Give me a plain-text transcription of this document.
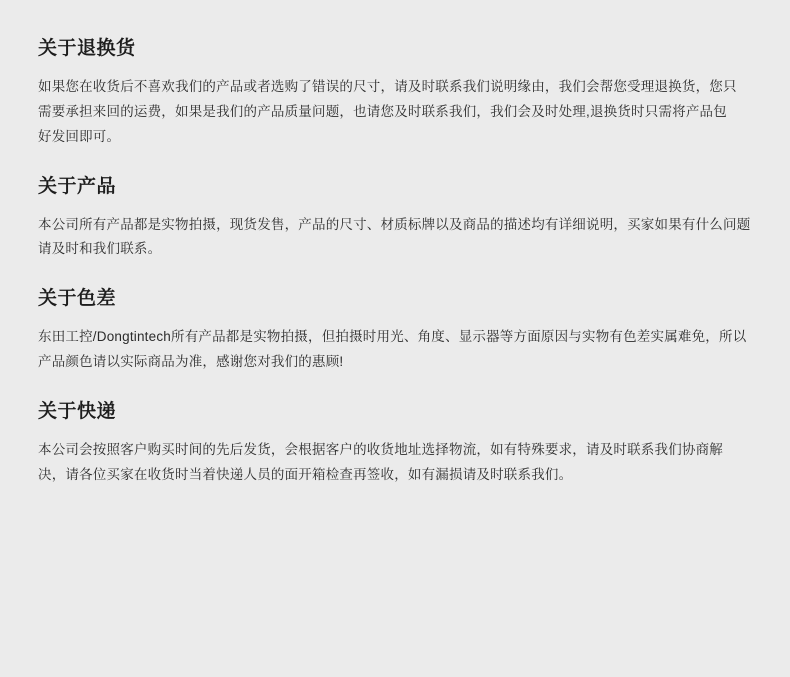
关于退换货

如果您在收货后不喜欢我们的产品或者选购了错误的尺寸，请及时联系我们说明缘由，我们会帮您受理退换货，您只需要承担来回的运费，如果是我们的产品质量问题，也请您及时联系我们，我们会及时处理,退换货时只需将产品包好发回即可。

关于产品

本公司所有产品都是实物拍摄，现货发售，产品的尺寸、材质标牌以及商品的描述均有详细说明，买家如果有什么问题请及时和我们联系。

关于色差

东田工控/Dongtintech所有产品都是实物拍摄，但拍摄时用光、角度、显示器等方面原因与实物有色差实属难免，所以产品颜色请以实际商品为准，感谢您对我们的惠顾!

关于快递

本公司会按照客户购买时间的先后发货，会根据客户的收货地址选择物流，如有特殊要求，请及时联系我们协商解决，请各位买家在收货时当着快递人员的面开箱检查再签收，如有漏损请及时联系我们。
